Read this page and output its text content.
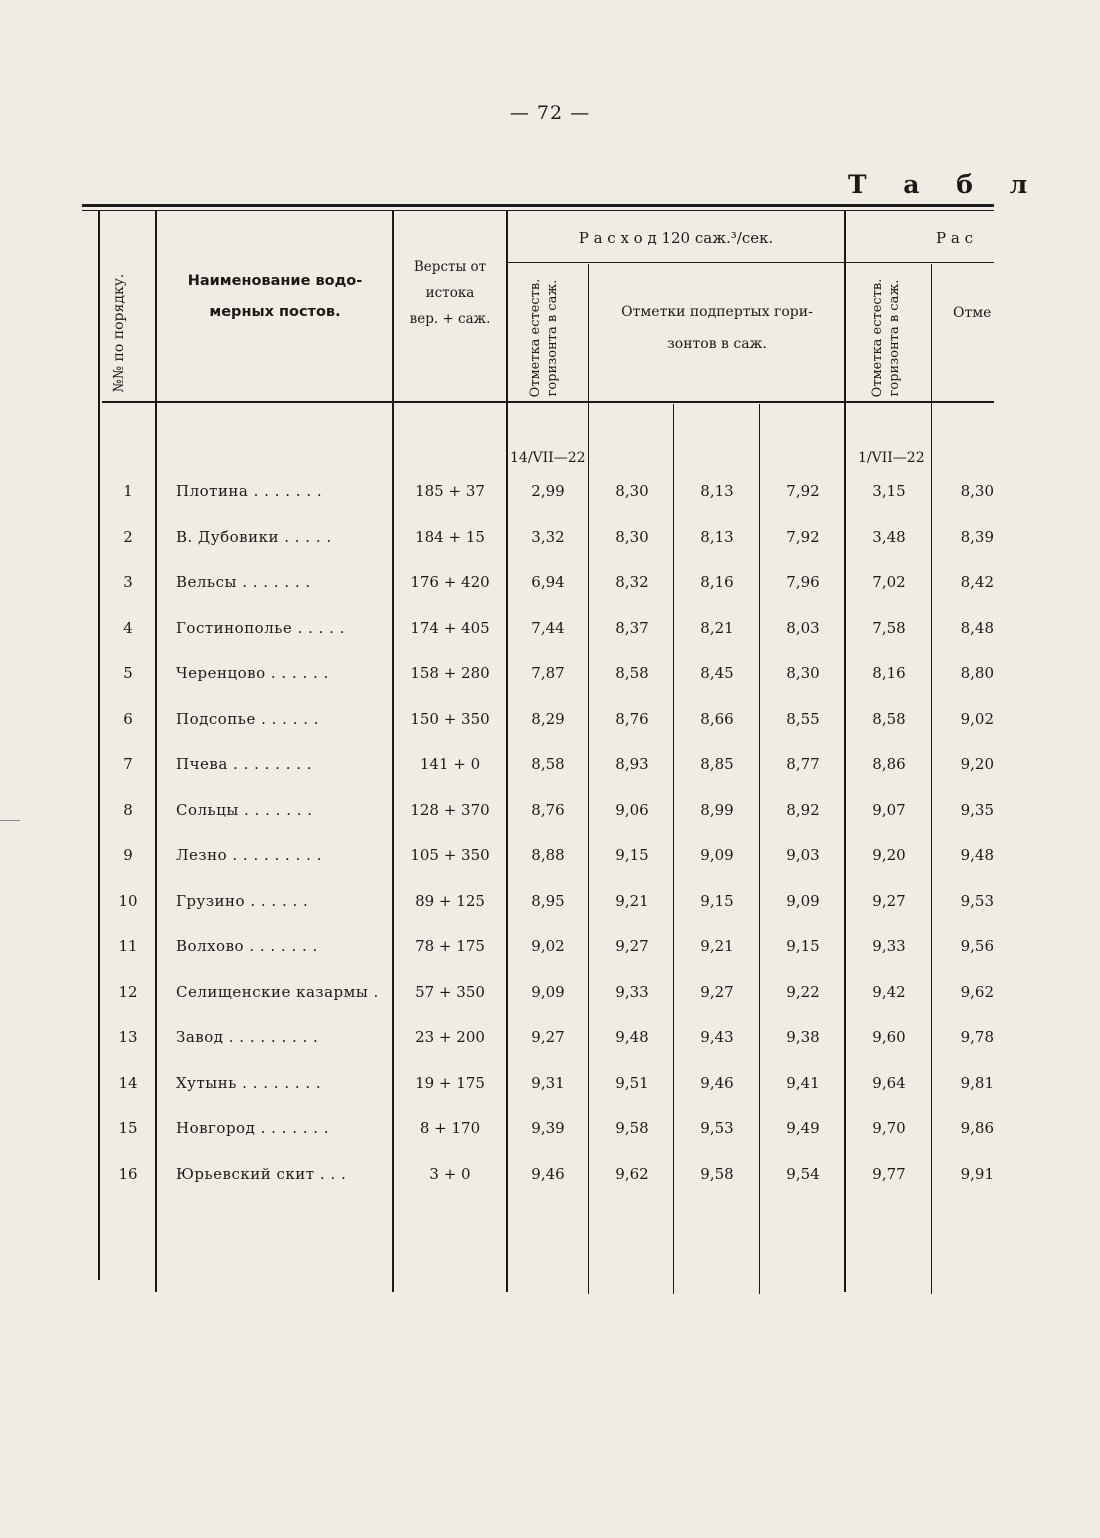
— 72 —
Т а б л
№№ по порядку.	Наименование водо-
мерных постов.
Версты от
истока
вер. + саж.
Р а с х о д 120 саж.³/сек.
Отметка естеств. горизонта в саж.	Отметки подпертых гори-
зонтов в саж.
Р а с
Отметка естеств. горизонта в саж.	Отме
14/VII—22	1/VII—22
1	Плотина . . . . . . .	185 + 37	2,99	8,30	8,13	7,92	3,15	8,30
2	В. Дубовики . . . . .	184 + 15	3,32	8,30	8,13	7,92	3,48	8,39
3	Вельсы . . . . . . .	176 + 420	6,94	8,32	8,16	7,96	7,02	8,42
4	Гостинополье . . . . .	174 + 405	7,44	8,37	8,21	8,03	7,58	8,48
5	Черенцово . . . . . .	158 + 280	7,87	8,58	8,45	8,30	8,16	8,80
6	Подсопье . . . . . .	150 + 350	8,29	8,76	8,66	8,55	8,58	9,02
7	Пчева . . . . . . . .	141 + 0	8,58	8,93	8,85	8,77	8,86	9,20
8	Сольцы . . . . . . .	128 + 370	8,76	9,06	8,99	8,92	9,07	9,35
9	Лезно . . . . . . . . .	105 + 350	8,88	9,15	9,09	9,03	9,20	9,48
10	Грузино . . . . . .	89 + 125	8,95	9,21	9,15	9,09	9,27	9,53
11	Волхово . . . . . . .	78 + 175	9,02	9,27	9,21	9,15	9,33	9,56
12	Селищенские казармы .	57 + 350	9,09	9,33	9,27	9,22	9,42	9,62
13	Завод . . . . . . . . .	23 + 200	9,27	9,48	9,43	9,38	9,60	9,78
14	Хутынь . . . . . . . .	19 + 175	9,31	9,51	9,46	9,41	9,64	9,81
15	Новгород . . . . . . .	8 + 170	9,39	9,58	9,53	9,49	9,70	9,86
16	Юрьевский скит . . .	3 + 0	9,46	9,62	9,58	9,54	9,77	9,91
